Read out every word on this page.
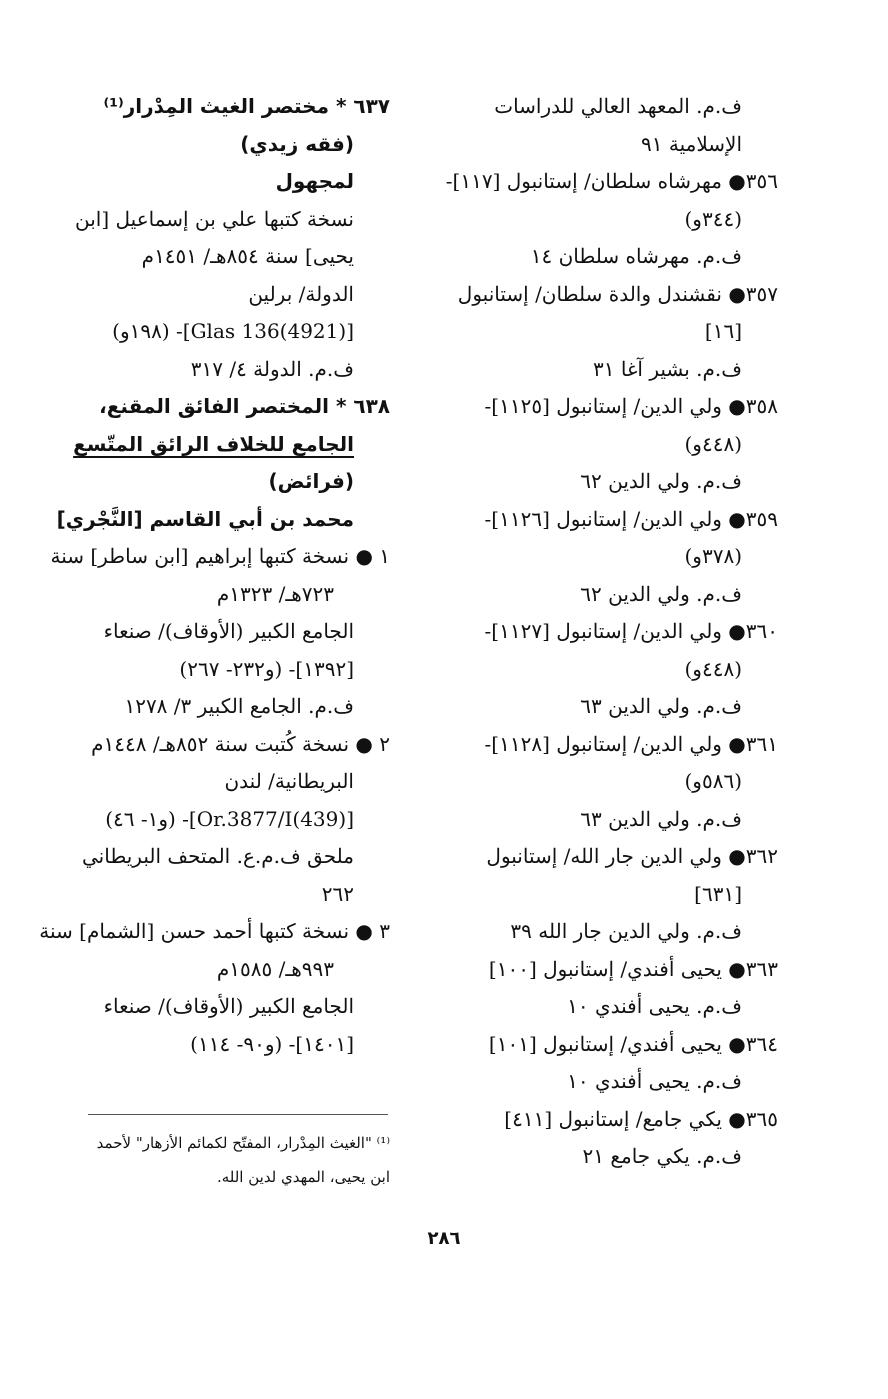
ف.م. المعهد العالي للدراسات
الإسلامية ٩١
٣٥٦● مهرشاه سلطان/ إستانبول [١١٧]-
(٣٤٤و)
ف.م. مهرشاه سلطان ١٤
٣٥٧● نقشندل والدة سلطان/ إستانبول
[١٦]
ف.م. بشير آغا ٣١
٣٥٨● ولي الدين/ إستانبول [١١٢٥]-
(٤٤٨و)
ف.م. ولي الدين ٦٢
٣٥٩● ولي الدين/ إستانبول [١١٢٦]-
(٣٧٨و)
ف.م. ولي الدين ٦٢
٣٦٠● ولي الدين/ إستانبول [١١٢٧]-
(٤٤٨و)
ف.م. ولي الدين ٦٣
٣٦١● ولي الدين/ إستانبول [١١٢٨]-
(٥٨٦و)
ف.م. ولي الدين ٦٣
٣٦٢● ولي الدين جار الله/ إستانبول
[٦٣١]
ف.م. ولي الدين جار الله ٣٩
٣٦٣● يحيى أفندي/ إستانبول [١٠٠]
ف.م. يحيى أفندي ١٠
٣٦٤● يحيى أفندي/ إستانبول [١٠١]
ف.م. يحيى أفندي ١٠
٣٦٥● يكي جامع/ إستانبول [٤١١]
ف.م. يكي جامع ٢١
٦٣٧ * مختصر الغيث المِدْرار⁽¹⁾
(فقه زيدي)
لمجهول
نسخة كتبها علي بن إسماعيل [ابن
يحيى] سنة ٨٥٤هـ/ ١٤٥١م
الدولة/ برلين
[Glas 136(4921)]- (١٩٨و)
ف.م. الدولة ٤/ ٣١٧
٦٣٨ * المختصر الفائق المقنع،
الجامع للخلاف الرائق المتّسع
(فرائض)
محمد بن أبي القاسم [النَّجْري]
١ ● نسخة كتبها إبراهيم [ابن ساطر] سنة
٧٢٣هـ/ ١٣٢٣م
الجامع الكبير (الأوقاف)/ صنعاء
[١٣٩٢]- (و٢٣٢- ٢٦٧)
ف.م. الجامع الكبير ٣/ ١٢٧٨
٢ ● نسخة كُتبت سنة ٨٥٢هـ/ ١٤٤٨م
البريطانية/ لندن
[Or.3877/I(439)]- (و١- ٤٦)
ملحق ف.م.ع. المتحف البريطاني
٢٦٢
٣ ● نسخة كتبها أحمد حسن [الشمام] سنة
٩٩٣هـ/ ١٥٨٥م
الجامع الكبير (الأوقاف)/ صنعاء
[١٤٠١]- (و٩٠- ١١٤)
⁽¹⁾ "الغيث المِدْرار، المفتّح لكمائم الأزهار" لأحمد
ابن يحيى، المهدي لدين الله.
٢٨٦
